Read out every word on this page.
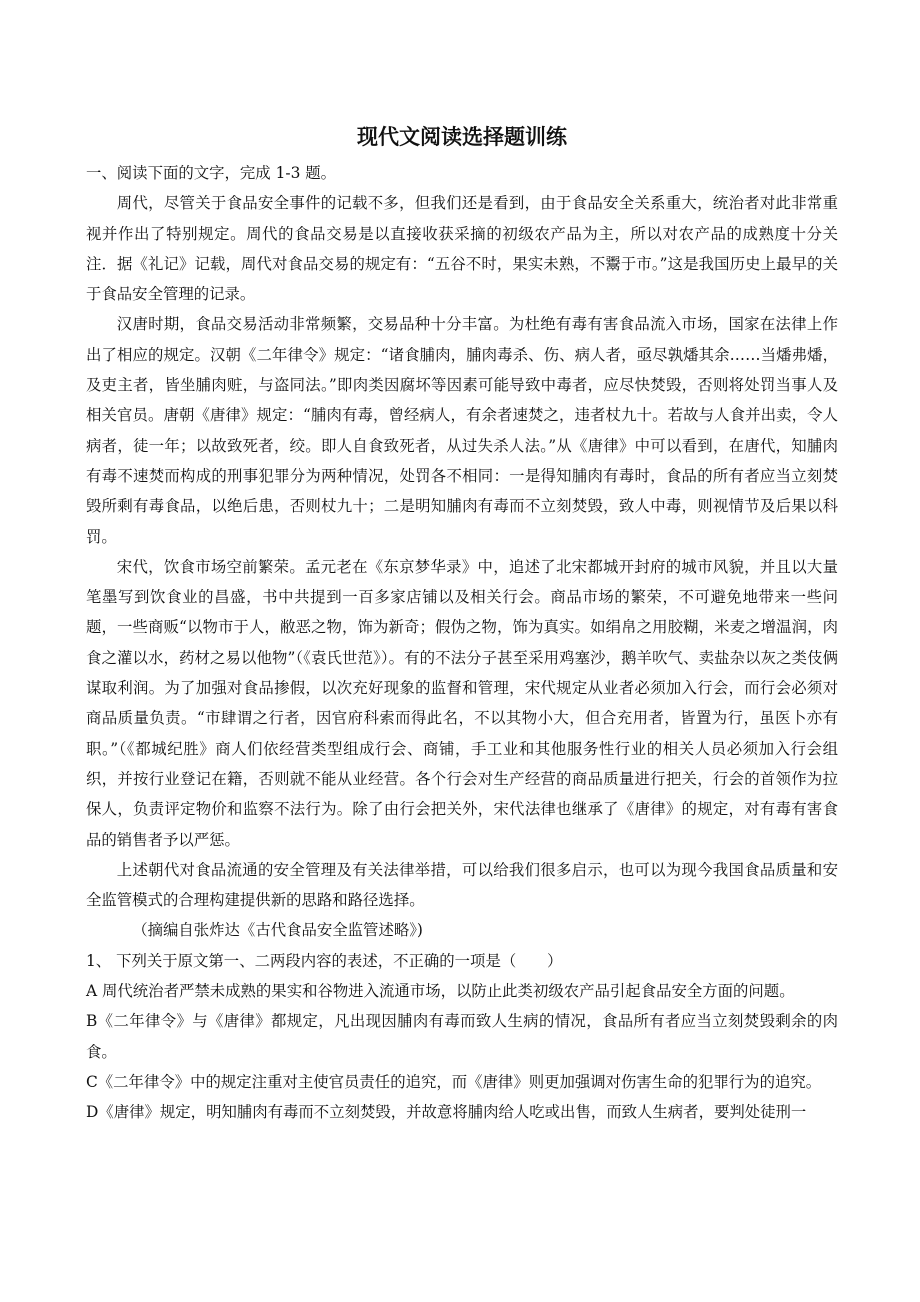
现代文阅读选择题训练

一、阅读下面的文字，完成 1-3 题。

周代，尽管关于食品安全事件的记载不多，但我们还是看到，由于食品安全关系重大，统治者对此非常重视并作出了特别规定。周代的食品交易是以直接收获采摘的初级农产品为主，所以对农产品的成熟度十分关注．据《礼记》记载，周代对食品交易的规定有：“五谷不时，果实未熟，不鬻于市。”这是我国历史上最早的关于食品安全管理的记录。

汉唐时期，食品交易活动非常频繁，交易品种十分丰富。为杜绝有毒有害食品流入市场，国家在法律上作出了相应的规定。汉朝《二年律令》规定：“诸食脯肉，脯肉毒杀、伤、病人者，亟尽孰燔其余……当燔弗燔，及吏主者，皆坐脯肉赃，与盗同法。”即肉类因腐坏等因素可能导致中毒者，应尽快焚毁，否则将处罚当事人及相关官员。唐朝《唐律》规定：“脯肉有毒，曾经病人，有余者速焚之，违者杖九十。若故与人食并出卖，令人病者，徒一年；以故致死者，绞。即人自食致死者，从过失杀人法。”从《唐律》中可以看到，在唐代，知脯肉有毒不速焚而构成的刑事犯罪分为两种情况，处罚各不相同：一是得知脯肉有毒时，食品的所有者应当立刻焚毁所剩有毒食品，以绝后患，否则杖九十；二是明知脯肉有毒而不立刻焚毁，致人中毒，则视情节及后果以科罚。

宋代，饮食市场空前繁荣。孟元老在《东京梦华录》中，追述了北宋都城开封府的城市风貌，并且以大量笔墨写到饮食业的昌盛，书中共提到一百多家店铺以及相关行会。商品市场的繁荣，不可避免地带来一些问题，一些商贩“以物市于人，敝恶之物，饰为新奇；假伪之物，饰为真实。如绢帛之用胶糊，米麦之增温润，肉食之灌以水，药材之易以他物”（《袁氏世范》）。有的不法分子甚至采用鸡塞沙，鹅羊吹气、卖盐杂以灰之类伎俩谋取利润。为了加强对食品掺假，以次充好现象的监督和管理，宋代规定从业者必须加入行会，而行会必须对商品质量负责。“市肆谓之行者，因官府科索而得此名，不以其物小大，但合充用者，皆置为行，虽医卜亦有职。”（《都城纪胜》商人们依经营类型组成行会、商铺，手工业和其他服务性行业的相关人员必须加入行会组织，并按行业登记在籍，否则就不能从业经营。各个行会对生产经营的商品质量进行把关，行会的首领作为拉保人，负责评定物价和监察不法行为。除了由行会把关外，宋代法律也继承了《唐律》的规定，对有毒有害食品的销售者予以严惩。

上述朝代对食品流通的安全管理及有关法律举措，可以给我们很多启示，也可以为现今我国食品质量和安全监管模式的合理构建提供新的思路和路径选择。

（摘编自张炸达《古代食品安全监管述略》)

1、 下列关于原文第一、二两段内容的表述，不正确的一项是（　　）

A 周代统治者严禁未成熟的果实和谷物进入流通市场，以防止此类初级农产品引起食品安全方面的问题。

B《二年律令》与《唐律》都规定，凡出现因脯肉有毒而致人生病的情况，食品所有者应当立刻焚毁剩余的肉食。

C《二年律令》中的规定注重对主使官员责任的追究，而《唐律》则更加强调对伤害生命的犯罪行为的追究。

D《唐律》规定，明知脯肉有毒而不立刻焚毁，并故意将脯肉给人吃或出售，而致人生病者，要判处徒刑一
